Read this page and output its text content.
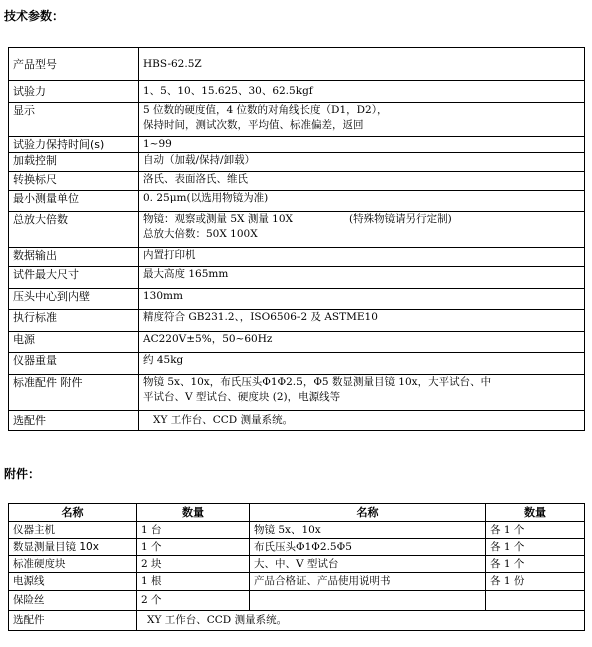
技术参数：
产品型号	HBS-62.5Z
试验力	1、5、10、15.625、30、62.5kgf
显示	5 位数的硬度值，4 位数的对角线长度（D1，D2），
保持时间，测试次数，平均值、标准偏差，返回

试验力保持时间(s)	1~99
加载控制	自动（加载/保持/卸载）
转换标尺	洛氏、表面洛氏、维氏
最小测量单位	0. 25μm(以选用物镜为准)
总放大倍数	物镜：观察或测量 5X 测量 10X (特殊物镜请另行定制)
总放大倍数：50X 100X

数据输出	内置打印机
试件最大尺寸	最大高度 165mm
压头中心到内壁	130mm
执行标准	精度符合 GB231.2、，ISO6506-2 及 ASTME10
电源	AC220V±5%，50~60Hz
仪器重量	约 45kg
标准配件 附件	物镜 5x、10x，布氏压头Φ1Φ2.5，Φ5 数显测量目镜 10x，大平试台、中
平试台、V 型试台、硬度块 (2)，电源线等

选配件	XY 工作台、CCD 测量系统。
附件：
名称	数量	名称	数量
仪器主机	1 台	物镜 5x、10x	各 1 个
数显测量目镜 10x	1 个	布氏压头Φ1Φ2.5Φ5	各 1 个
标准硬度块	2 块	大、中、V 型试台	各 1 个
电源线	1 根	产品合格证、产品使用说明书	各 1 份
保险丝	2 个		
选配件	XY 工作台、CCD 测量系统。		
